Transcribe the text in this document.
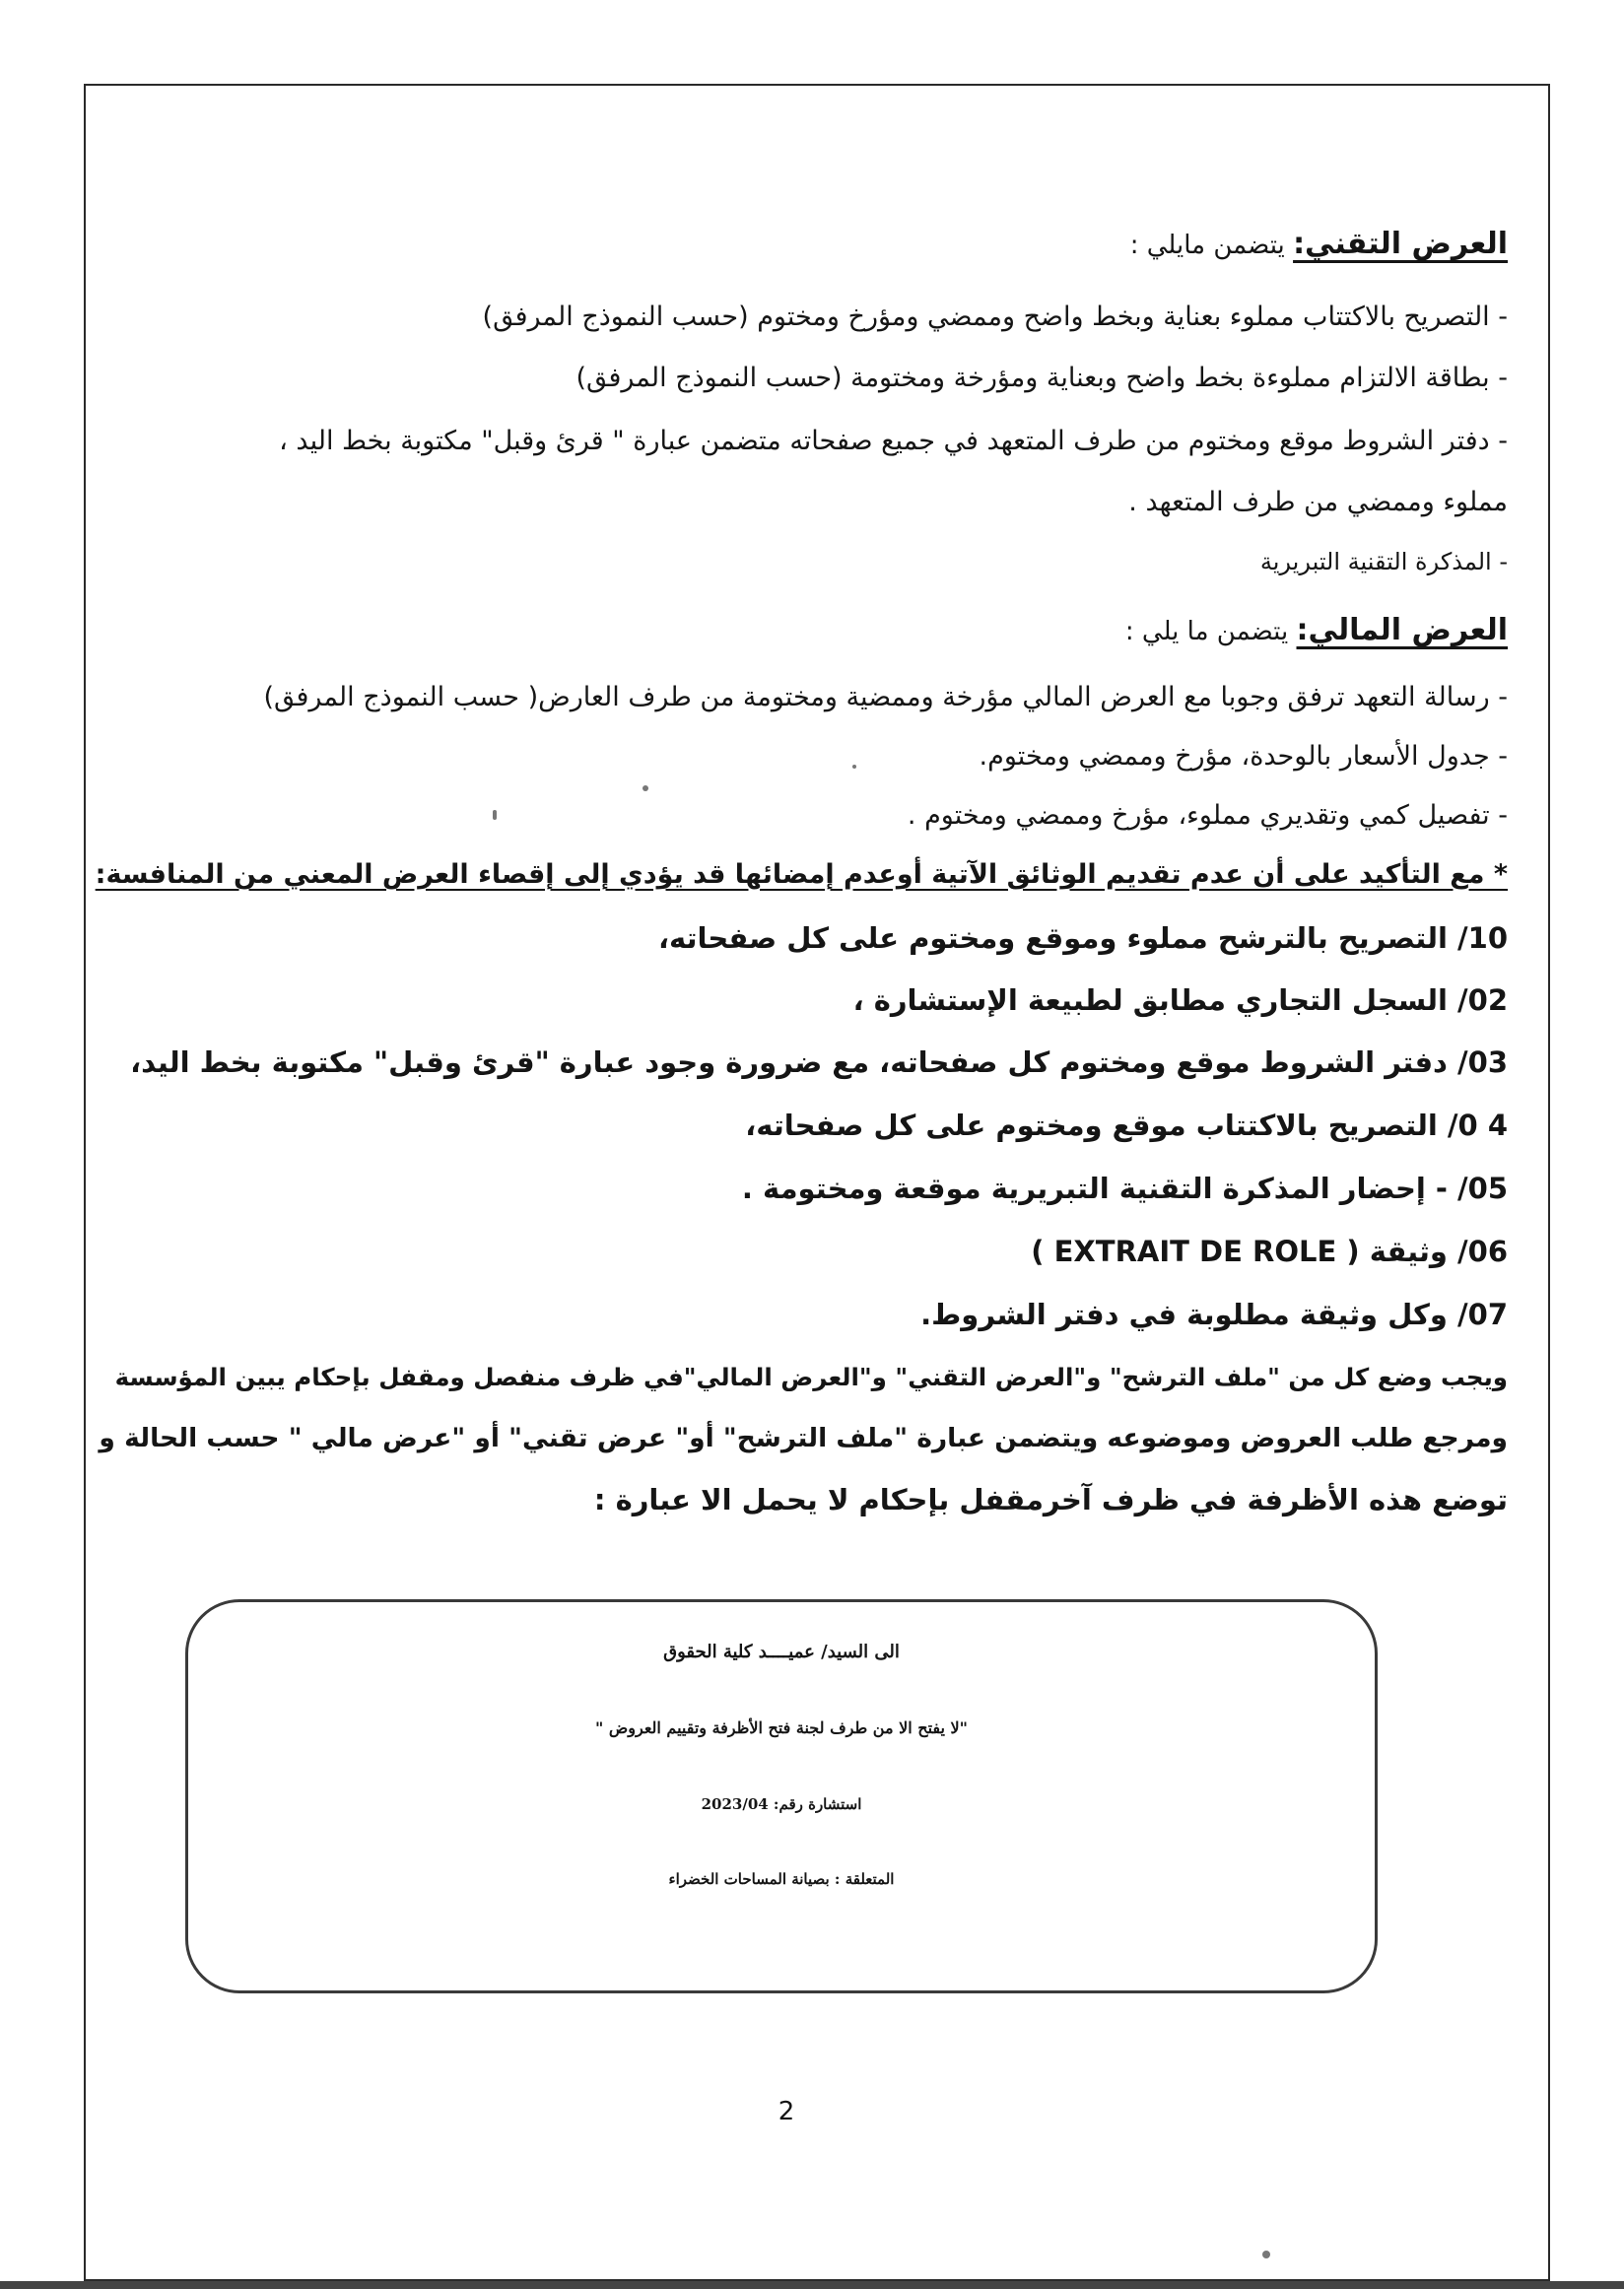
العرض التقني: يتضمن مايلي :
- التصريح بالاكتتاب مملوء بعناية وبخط واضح وممضي ومؤرخ ومختوم (حسب النموذج المرفق)
- بطاقة الالتزام مملوءة بخط واضح وبعناية ومؤرخة ومختومة (حسب النموذج المرفق)
- دفتر الشروط موقع ومختوم من طرف المتعهد في جميع صفحاته متضمن عبارة " قرئ وقبل" مكتوبة بخط اليد ،
مملوء وممضي من طرف المتعهد .
- المذكرة التقنية التبريرية
العرض المالي: يتضمن ما يلي :
- رسالة التعهد ترفق وجوبا مع العرض المالي مؤرخة وممضية ومختومة من طرف العارض( حسب النموذج المرفق)
- جدول الأسعار بالوحدة، مؤرخ وممضي ومختوم.
- تفصيل كمي وتقديري مملوء، مؤرخ وممضي ومختوم .
* مع التأكيد على أن عدم تقديم الوثائق الآتية أوعدم إمضائها قد يؤدي إلى إقصاء العرض المعني من المنافسة:
10/ التصريح بالترشح مملوء وموقع ومختوم على كل صفحاته،
02/ السجل التجاري مطابق لطبيعة الإستشارة ،
03/ دفتر الشروط موقع ومختوم كل صفحاته، مع ضرورة وجود عبارة "قرئ وقبل" مكتوبة بخط اليد،
4 0/ التصريح بالاكتتاب موقع ومختوم على كل صفحاته،
05/ - إحضار المذكرة التقنية التبريرية موقعة ومختومة .
06/ وثيقة ( EXTRAIT DE ROLE )
07/ وكل وثيقة مطلوبة في دفتر الشروط.
ويجب وضع كل من "ملف الترشح" و"العرض التقني" و"العرض المالي"في ظرف منفصل ومقفل بإحكام يبين المؤسسة
ومرجع طلب العروض وموضوعه ويتضمن عبارة "ملف الترشح" أو" عرض تقني" أو "عرض مالي " حسب الحالة و
توضع هذه الأظرفة في ظرف آخرمقفل بإحكام لا يحمل الا عبارة :
الى السيد/ عميــــد كلية الحقوق
"لا يفتح الا من طرف لجنة فتح الأظرفة وتقييم العروض "
استشارة رقم: 2023/04
المتعلقة : بصيانة المساحات الخضراء
2
